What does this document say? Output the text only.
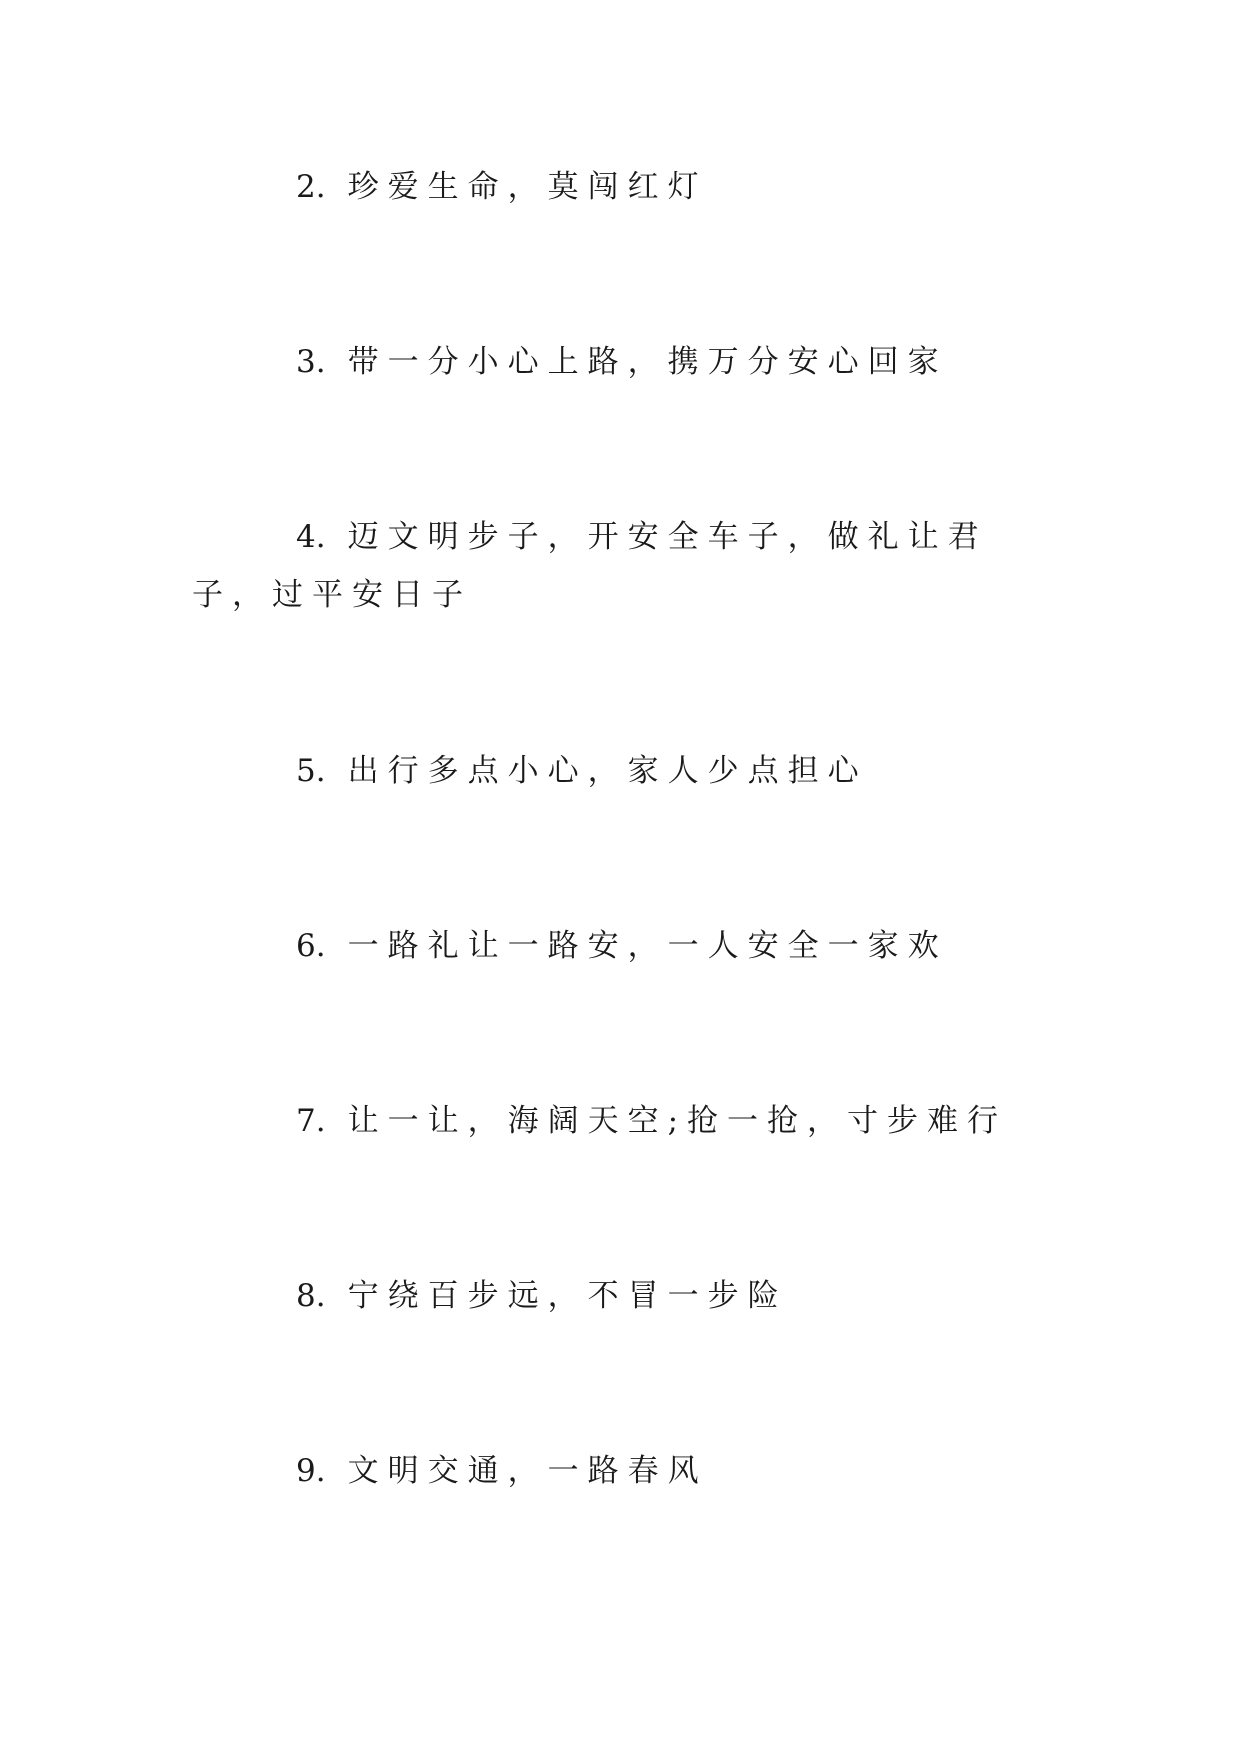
2. 珍爱生命，莫闯红灯

3. 带一分小心上路，携万分安心回家

4. 迈文明步子，开安全车子，做礼让君子，过平安日子

5. 出行多点小心，家人少点担心

6. 一路礼让一路安，一人安全一家欢

7. 让一让，海阔天空;抢一抢，寸步难行

8. 宁绕百步远，不冒一步险

9. 文明交通，一路春风
